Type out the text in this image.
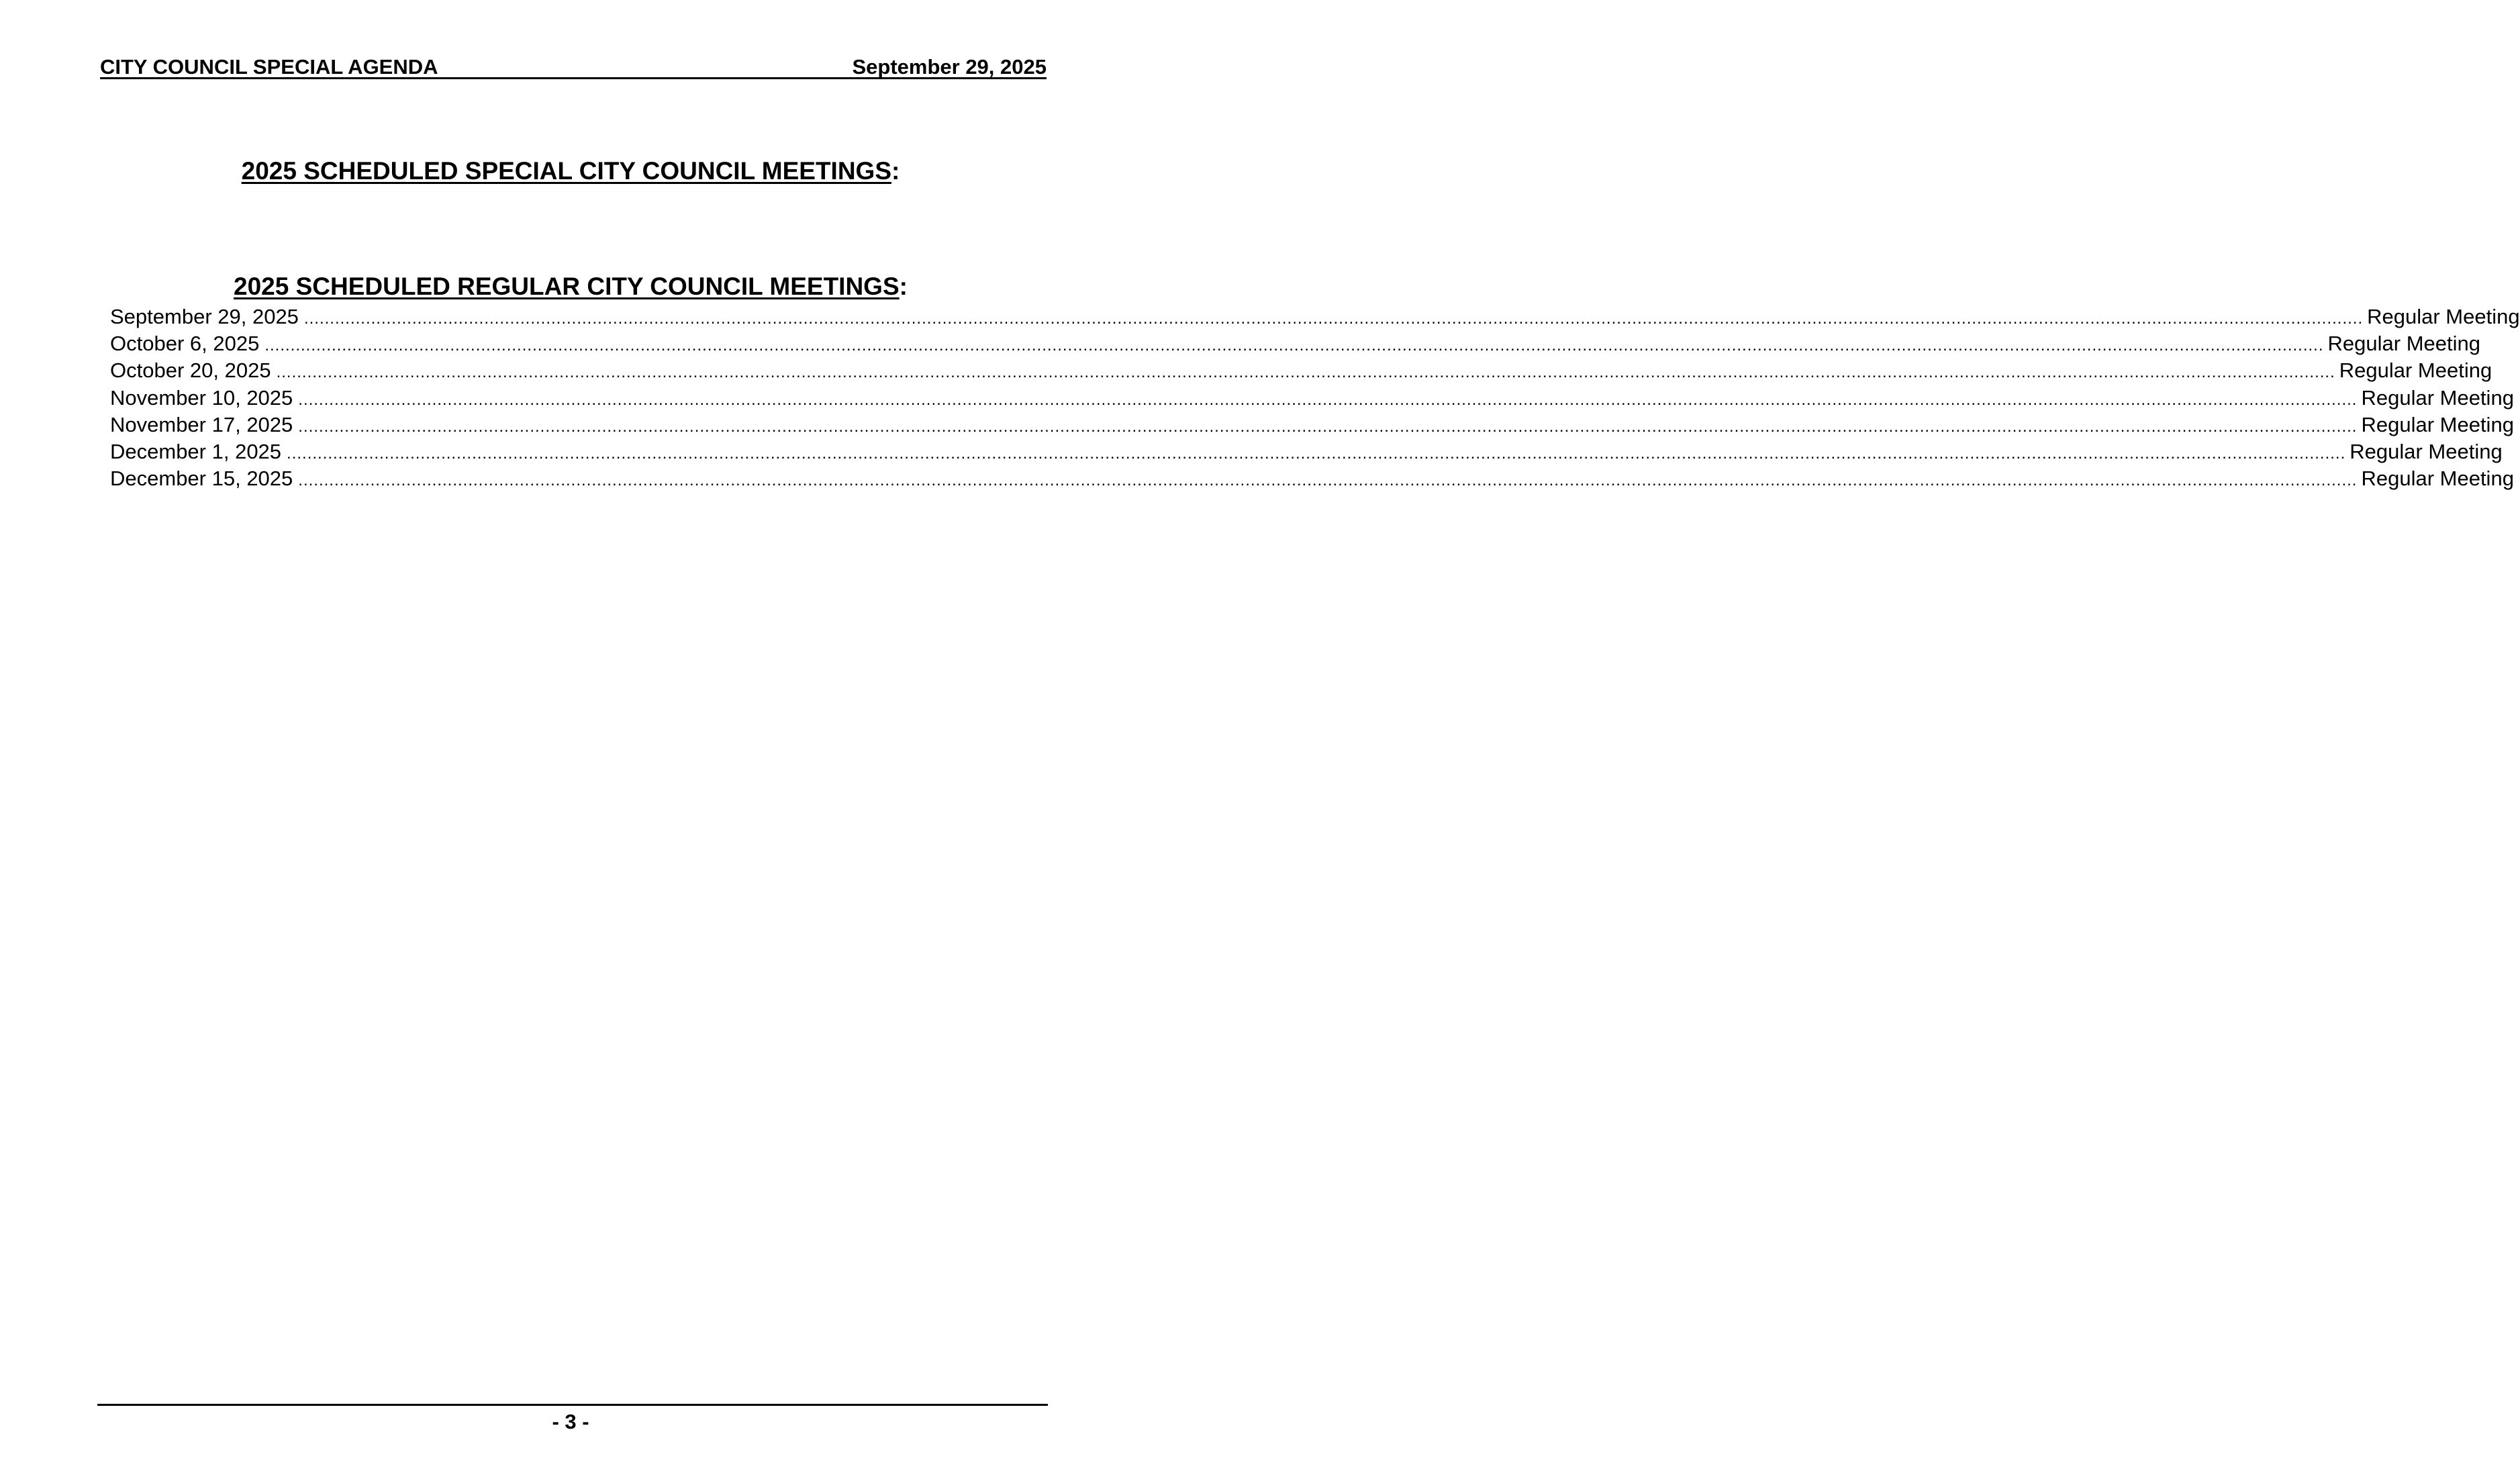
CITY COUNCIL SPECIAL AGENDA	September 29, 2025
2025 SCHEDULED SPECIAL CITY COUNCIL MEETINGS:
2025 SCHEDULED REGULAR CITY COUNCIL MEETINGS:
September 29, 2025 ................................................................................................................................................................................................................................................................................................................................................................................................................ Regular Meeting
October 6, 2025 ................................................................................................................................................................................................................................................................................................................................................................................................................ Regular Meeting
October 20, 2025 ................................................................................................................................................................................................................................................................................................................................................................................................................ Regular Meeting
November 10, 2025 ................................................................................................................................................................................................................................................................................................................................................................................................................ Regular Meeting
November 17, 2025 ................................................................................................................................................................................................................................................................................................................................................................................................................ Regular Meeting
December 1, 2025 ................................................................................................................................................................................................................................................................................................................................................................................................................ Regular Meeting
December 15, 2025 ................................................................................................................................................................................................................................................................................................................................................................................................................ Regular Meeting
- 3 -
